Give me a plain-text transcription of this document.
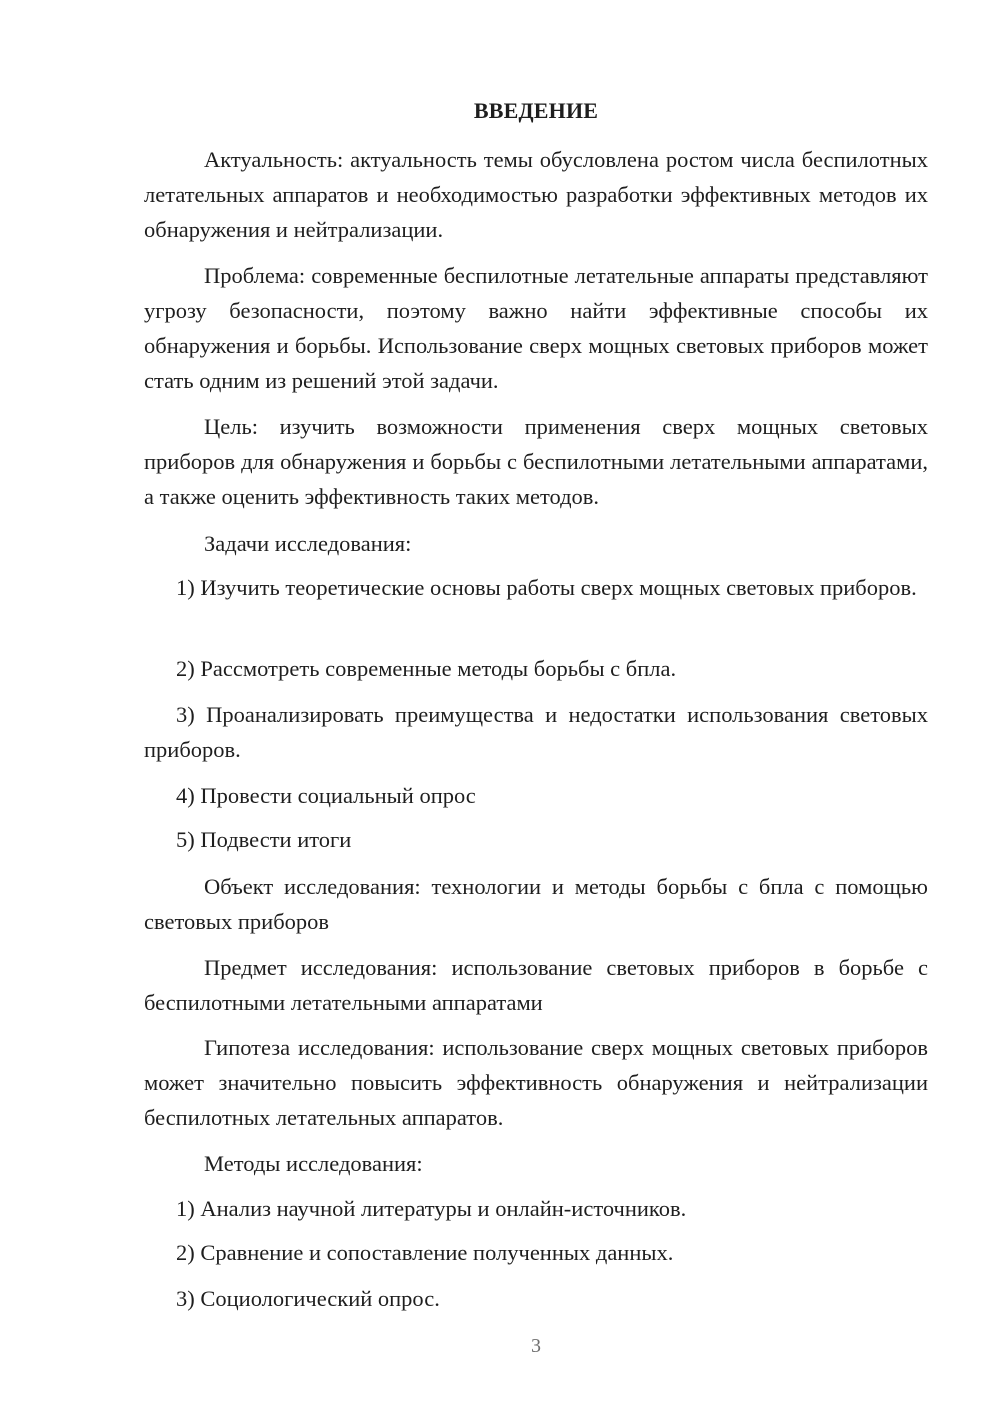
ВВЕДЕНИЕ

Актуальность: актуальность темы обусловлена ростом числа беспилотных летательных аппаратов и необходимостью разработки эффективных методов их обнаружения и нейтрализации.

Проблема: современные беспилотные летательные аппараты представляют угрозу безопасности, поэтому важно найти эффективные способы их обнаружения и борьбы. Использование сверх мощных световых приборов может стать одним из решений этой задачи.

Цель: изучить возможности применения сверх мощных световых приборов для обнаружения и борьбы с беспилотными летательными аппаратами, а также оценить эффективность таких методов.

Задачи исследования:

1) Изучить теоретические основы работы сверх мощных световых приборов.

2) Рассмотреть современные методы борьбы с бпла.

3) Проанализировать преимущества и недостатки использования световых приборов.

4) Провести социальный опрос

5) Подвести итоги

Объект исследования: технологии и методы борьбы с бпла с помощью световых приборов

Предмет исследования: использование световых приборов в борьбе с беспилотными летательными аппаратами

Гипотеза исследования: использование сверх мощных световых приборов может значительно повысить эффективность обнаружения и нейтрализации беспилотных летательных аппаратов.

Методы исследования:

1) Анализ научной литературы и онлайн-источников.

2) Сравнение и сопоставление полученных данных.

3) Социологический опрос.

3
